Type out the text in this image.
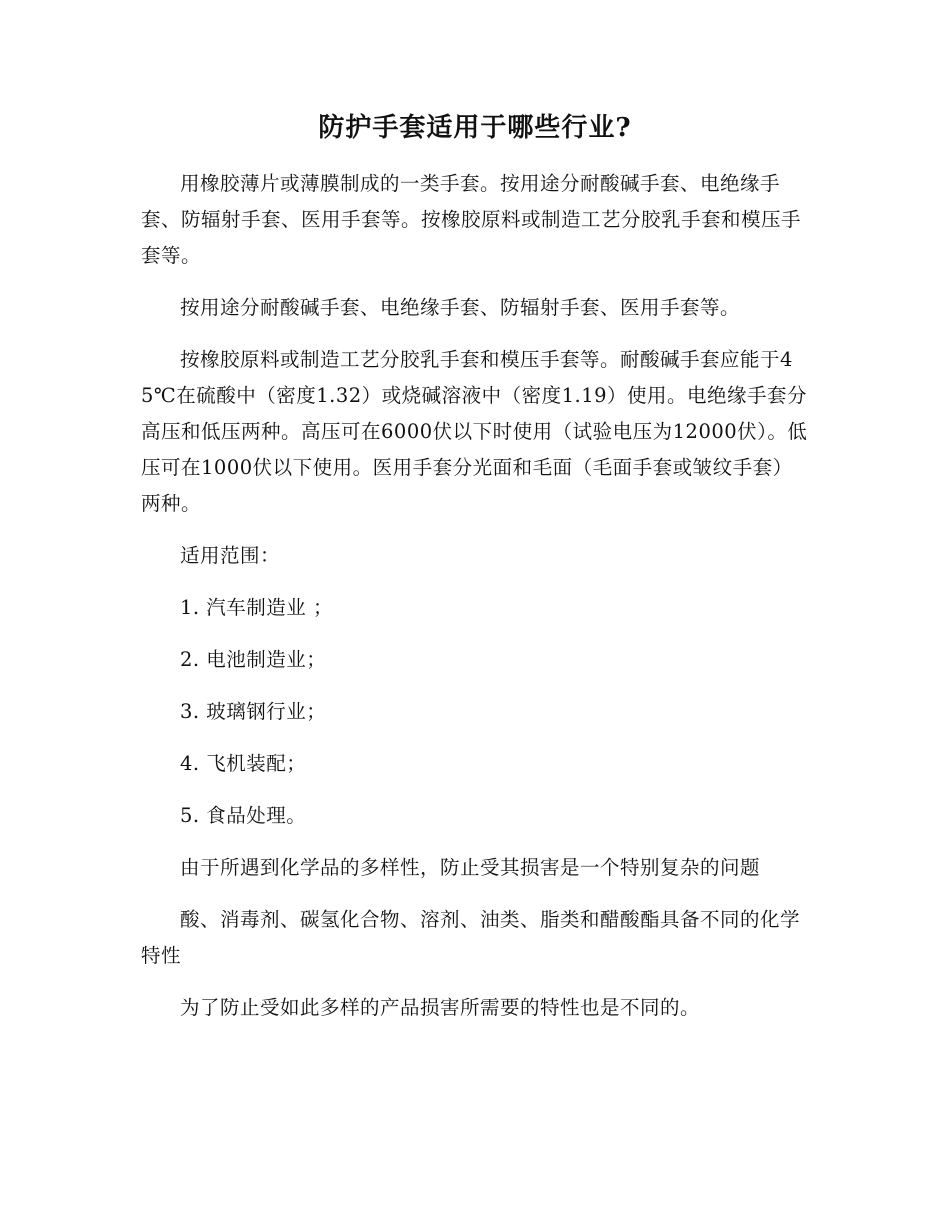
防护手套适用于哪些行业?

用橡胶薄片或薄膜制成的一类手套。按用途分耐酸碱手套、电绝缘手套、防辐射手套、医用手套等。按橡胶原料或制造工艺分胶乳手套和模压手套等。

按用途分耐酸碱手套、电绝缘手套、防辐射手套、医用手套等。

按橡胶原料或制造工艺分胶乳手套和模压手套等。耐酸碱手套应能于45℃在硫酸中（密度1.32）或烧碱溶液中（密度1.19）使用。电绝缘手套分高压和低压两种。高压可在6000伏以下时使用（试验电压为12000伏）。低压可在1000伏以下使用。医用手套分光面和毛面（毛面手套或皱纹手套）两种。

适用范围：

1. 汽车制造业 ；

2. 电池制造业；

3. 玻璃钢行业；

4. 飞机装配；

5. 食品处理。

由于所遇到化学品的多样性，防止受其损害是一个特别复杂的问题

酸、消毒剂、碳氢化合物、溶剂、油类、脂类和醋酸酯具备不同的化学特性

为了防止受如此多样的产品损害所需要的特性也是不同的。
